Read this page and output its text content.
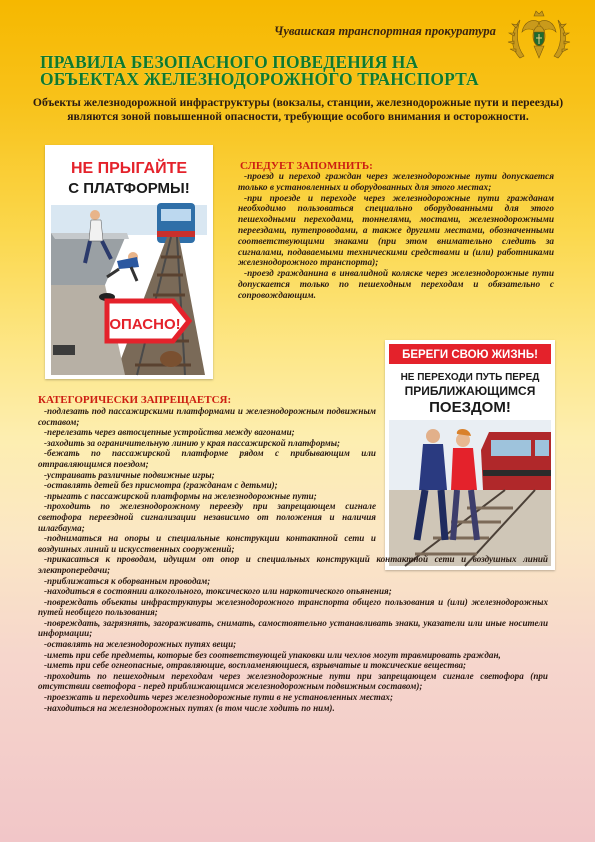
Чувашская транспортная прокуратура
ПРАВИЛА БЕЗОПАСНОГО ПОВЕДЕНИЯ НА ОБЪЕКТАХ ЖЕЛЕЗНОДОРОЖНОГО ТРАНСПОРТА
Объекты железнодорожной инфраструктуры (вокзалы, станции, железнодорожные пути и переезды) являются зоной повышенной опасности, требующие особого внимания и осторожности.
НЕ ПРЫГАЙТЕ
С ПЛАТФОРМЫ!
ОПАСНО!
СЛЕДУЕТ ЗАПОМНИТЬ:

-проезд и переход граждан через железнодорожные пути допускается только в установленных и оборудованных для этого местах;

-при проезде и переходе через железнодорожные пути гражданам необходимо пользоваться специально оборудованными для этого пешеходными переходами, тоннелями, мостами, железнодорожными переездами, путепроводами, а также другими местами, обозначенными соответствующими знаками (при этом внимательно следить за сигналами, подаваемыми техническими средствами и (или) работниками железнодорожного транспорта);

-проезд гражданина в инвалидной коляске через железнодорожные пути допускается только по пешеходным переходам и обязательно с сопровождающим.

БЕРЕГИ СВОЮ ЖИЗНЬ!
НЕ ПЕРЕХОДИ ПУТЬ ПЕРЕД
ПРИБЛИЖАЮЩИМСЯ
ПОЕЗДОМ!
КАТЕГОРИЧЕСКИ ЗАПРЕЩАЕТСЯ:

-подлезать под пассажирскими платформами и железнодорожным подвижным составом;

-перелезать через автосцепные устройства между вагонами;

-заходить за ограничительную линию у края пассажирской платформы;

-бежать по пассажирской платформе рядом с прибывающим или отправляющимся поездом;

-устраивать различные подвижные игры;

-оставлять детей без присмотра (гражданам с детьми);

-прыгать с пассажирской платформы на железнодорожные пути;

-проходить по железнодорожному переезду при запрещающем сигнале светофора переездной сигнализации независимо от положения и наличия шлагбаума;

-подниматься на опоры и специальные конструкции контактной сети и воздушных линий и искусственных сооружений;

-прикасаться к проводам, идущим от опор и специальных конструкций контактной сети и воздушных линий электропередачи;

-приближаться к оборванным проводам;

-находиться в состоянии алкогольного, токсического или наркотического опьянения;

-повреждать объекты инфраструктуры железнодорожного транспорта общего пользования и (или) железнодорожных путей необщего пользования;

-повреждать, загрязнять, загораживать, снимать, самостоятельно устанавливать знаки, указатели или иные носители информации;

-оставлять на железнодорожных путях вещи;

-иметь при себе предметы, которые без соответствующей упаковки или чехлов могут травмировать граждан,

-иметь при себе огнеопасные, отравляющие, воспламеняющиеся, взрывчатые и токсические вещества;

-проходить по пешеходным переходам через железнодорожные пути при запрещающем сигнале светофора (при отсутствии светофора - перед приближающимся железнодорожным подвижным составом);

-проезжать и переходить через железнодорожные пути в не установленных местах;

-находиться на железнодорожных путях (в том числе ходить по ним).
